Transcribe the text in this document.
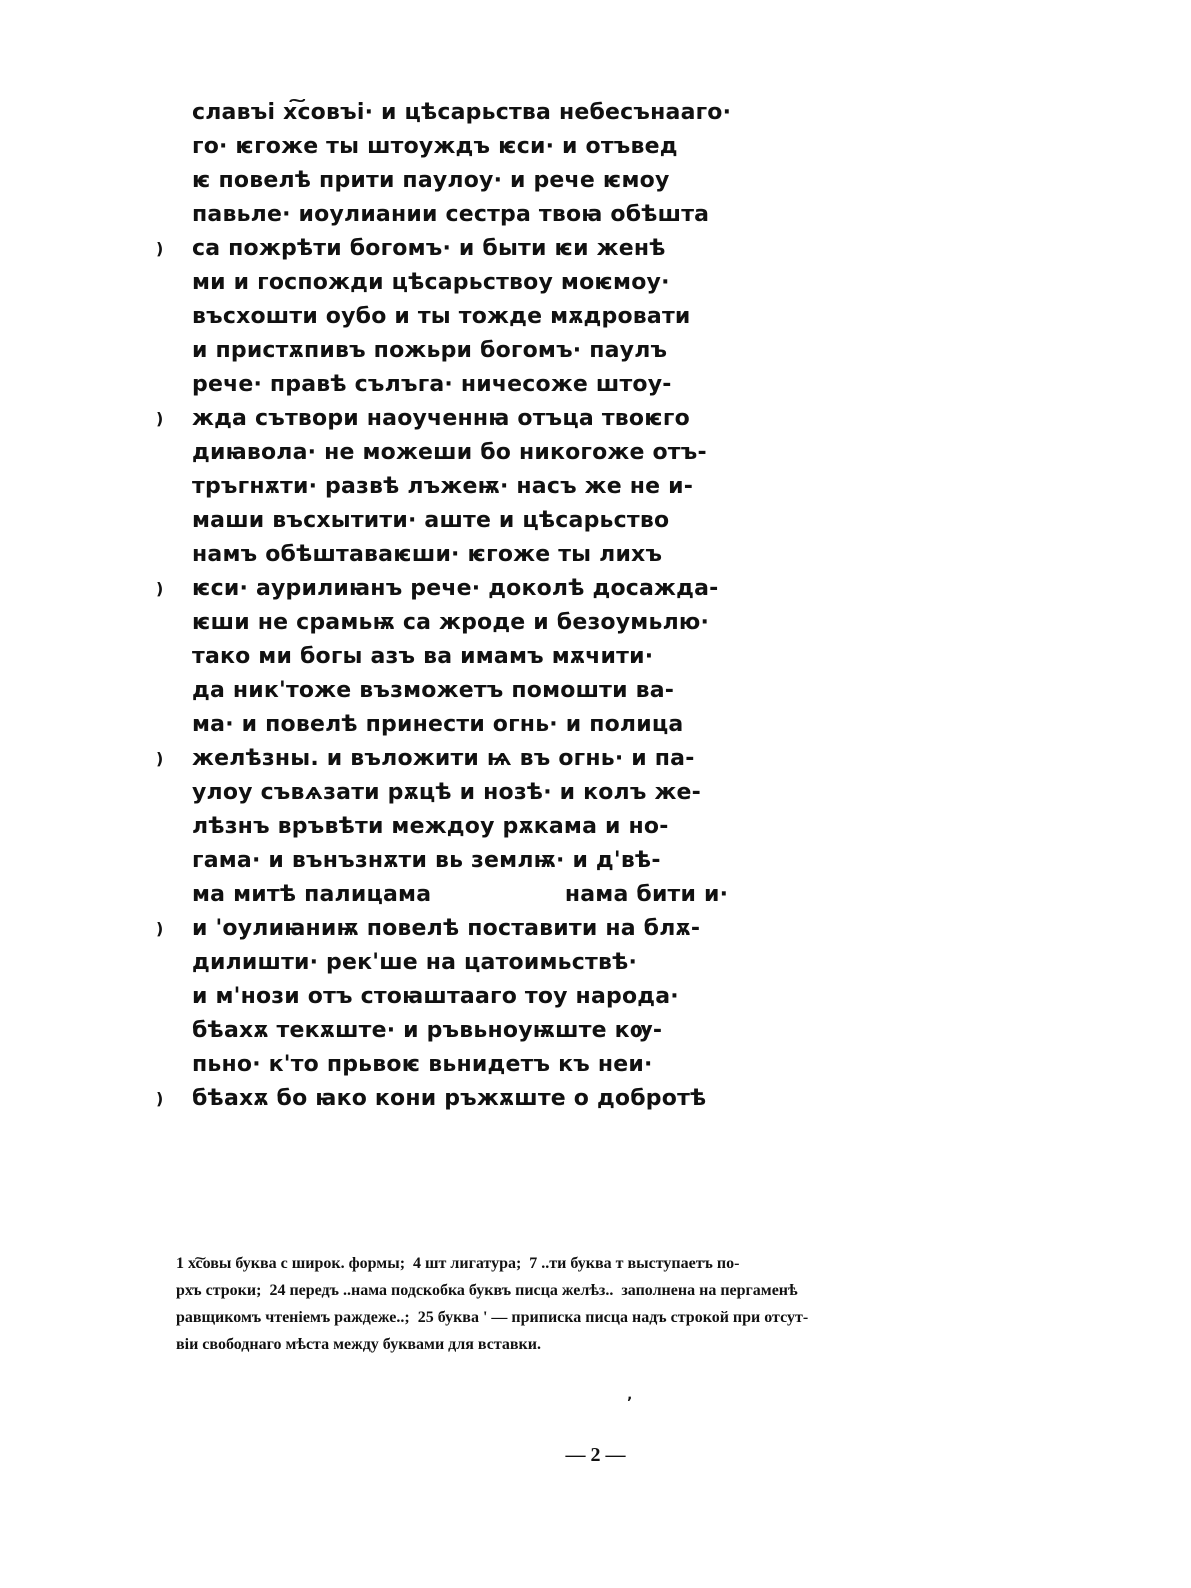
славъі х͠совъі· и цѣсарьства небесънааго·
го· ѥгоже ты штоуждъ ѥси· и отъвед
ѥ повелѣ прити паулоу· и рече ѥмоу
павьле· иоулиании сестра твоꙗ обѣшта
са пожрѣти богомъ· и быти ѥи женѣ
ми и госпожди цѣсарьствоу моѥмоу·
въсхошти оубо и ты тожде мѫдровати
и пристѫпивъ пожьри богомъ· паулъ
рече· правѣ сълъга· ничесоже штоу-
жда сътвори наоученнꙗ отъца твоѥго
диꙗвола· не можеши бо никогоже отъ-
тръгнѫти· развѣ лъжеѭ· насъ же не и-
маши въсхытити· аште и цѣсарьство
намъ обѣштаваѥши· ѥгоже ты лихъ
ѥси· аурилиꙗнъ рече· доколѣ досажда-
ѥши не срамьѭ са жроде и безоумьлю·
тако ми богы азъ ва имамъ мѫчити·
да ник'тоже възможетъ помошти ва-
ма· и повелѣ принести огнь· и полица
желѣзны. и въложити ѩ въ огнь· и па-
улоу съвѧзати рѫцѣ и нозѣ· и колъ же-
лѣзнъ връвѣти междоу рѫкама и но-
гама· и вънъзнѫти вь землѭ· и д'вѣ-
ма митѣ палицама                 нама бити и·
и 'оулиꙗниѭ повелѣ поставити на блѫ-
дилишти· рек'ше на цатоимьствѣ·
и м'нози отъ стоꙗштааго тоу народа·
бѣахѫ текѫште· и ръвьноуѭште кѹ-
пьно· к'то прьвоѥ вьнидетъ къ неи·
бѣахѫ бо ꙗко кони ръжѫште о добротѣ
)
)
)
)
)
)
1 х͠совы буква с широк. формы;  4 шт лигатура;  7 ..ти буква т выступаетъ по-
рхъ строки;  24 передъ ..нама подскобка буквъ писца желѣз..  заполнена на пергаменѣ
равщикомъ чтенiемъ раждеже..;  25 буква ' — приписка писца надъ строкой при отсут-
вiи свободнаго мѣста между буквами для вставки.
ʼ
— 2 —
